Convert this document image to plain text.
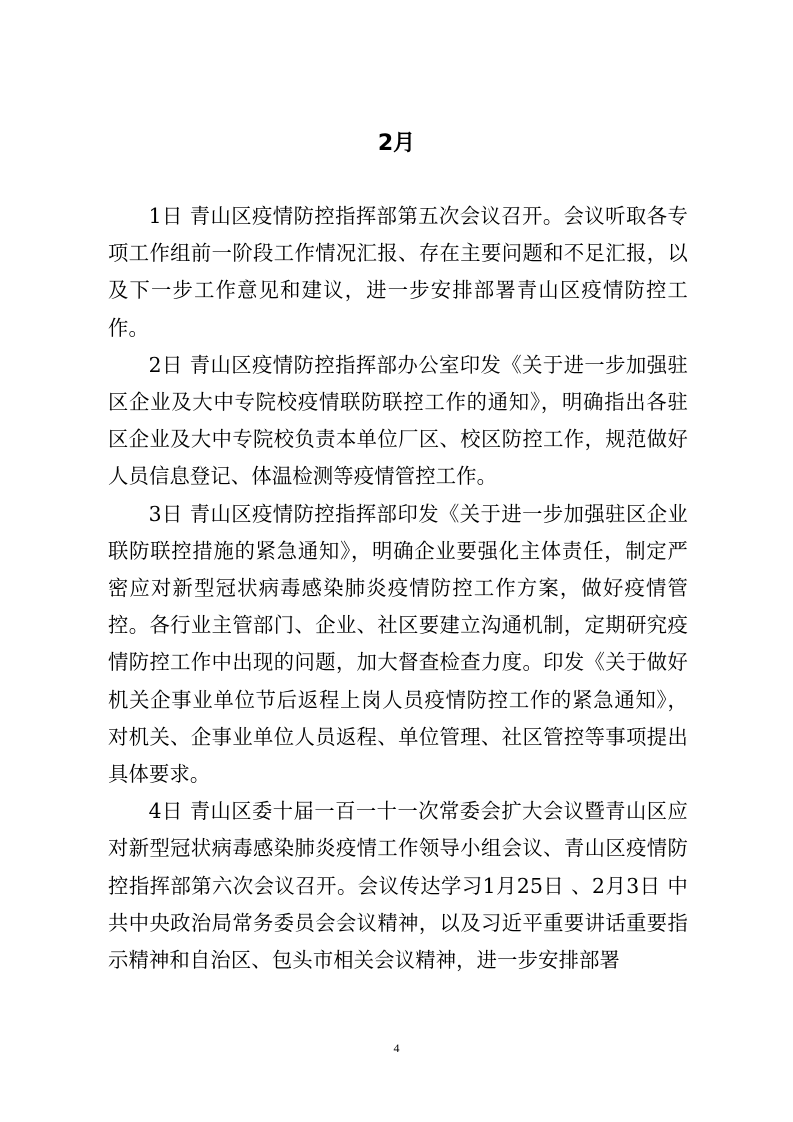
2月

1日 青山区疫情防控指挥部第五次会议召开。会议听取各专项工作组前一阶段工作情况汇报、存在主要问题和不足汇报，以及下一步工作意见和建议，进一步安排部署青山区疫情防控工作。

2日 青山区疫情防控指挥部办公室印发《关于进一步加强驻区企业及大中专院校疫情联防联控工作的通知》，明确指出各驻区企业及大中专院校负责本单位厂区、校区防控工作，规范做好人员信息登记、体温检测等疫情管控工作。

3日 青山区疫情防控指挥部印发《关于进一步加强驻区企业联防联控措施的紧急通知》，明确企业要强化主体责任，制定严密应对新型冠状病毒感染肺炎疫情防控工作方案，做好疫情管控。各行业主管部门、企业、社区要建立沟通机制，定期研究疫情防控工作中出现的问题，加大督查检查力度。印发《关于做好机关企事业单位节后返程上岗人员疫情防控工作的紧急通知》，对机关、企事业单位人员返程、单位管理、社区管控等事项提出具体要求。

4日 青山区委十届一百一十一次常委会扩大会议暨青山区应对新型冠状病毒感染肺炎疫情工作领导小组会议、青山区疫情防控指挥部第六次会议召开。会议传达学习1月25日 、2月3日 中共中央政治局常务委员会会议精神，以及习近平重要讲话重要指示精神和自治区、包头市相关会议精神，进一步安排部署

4
